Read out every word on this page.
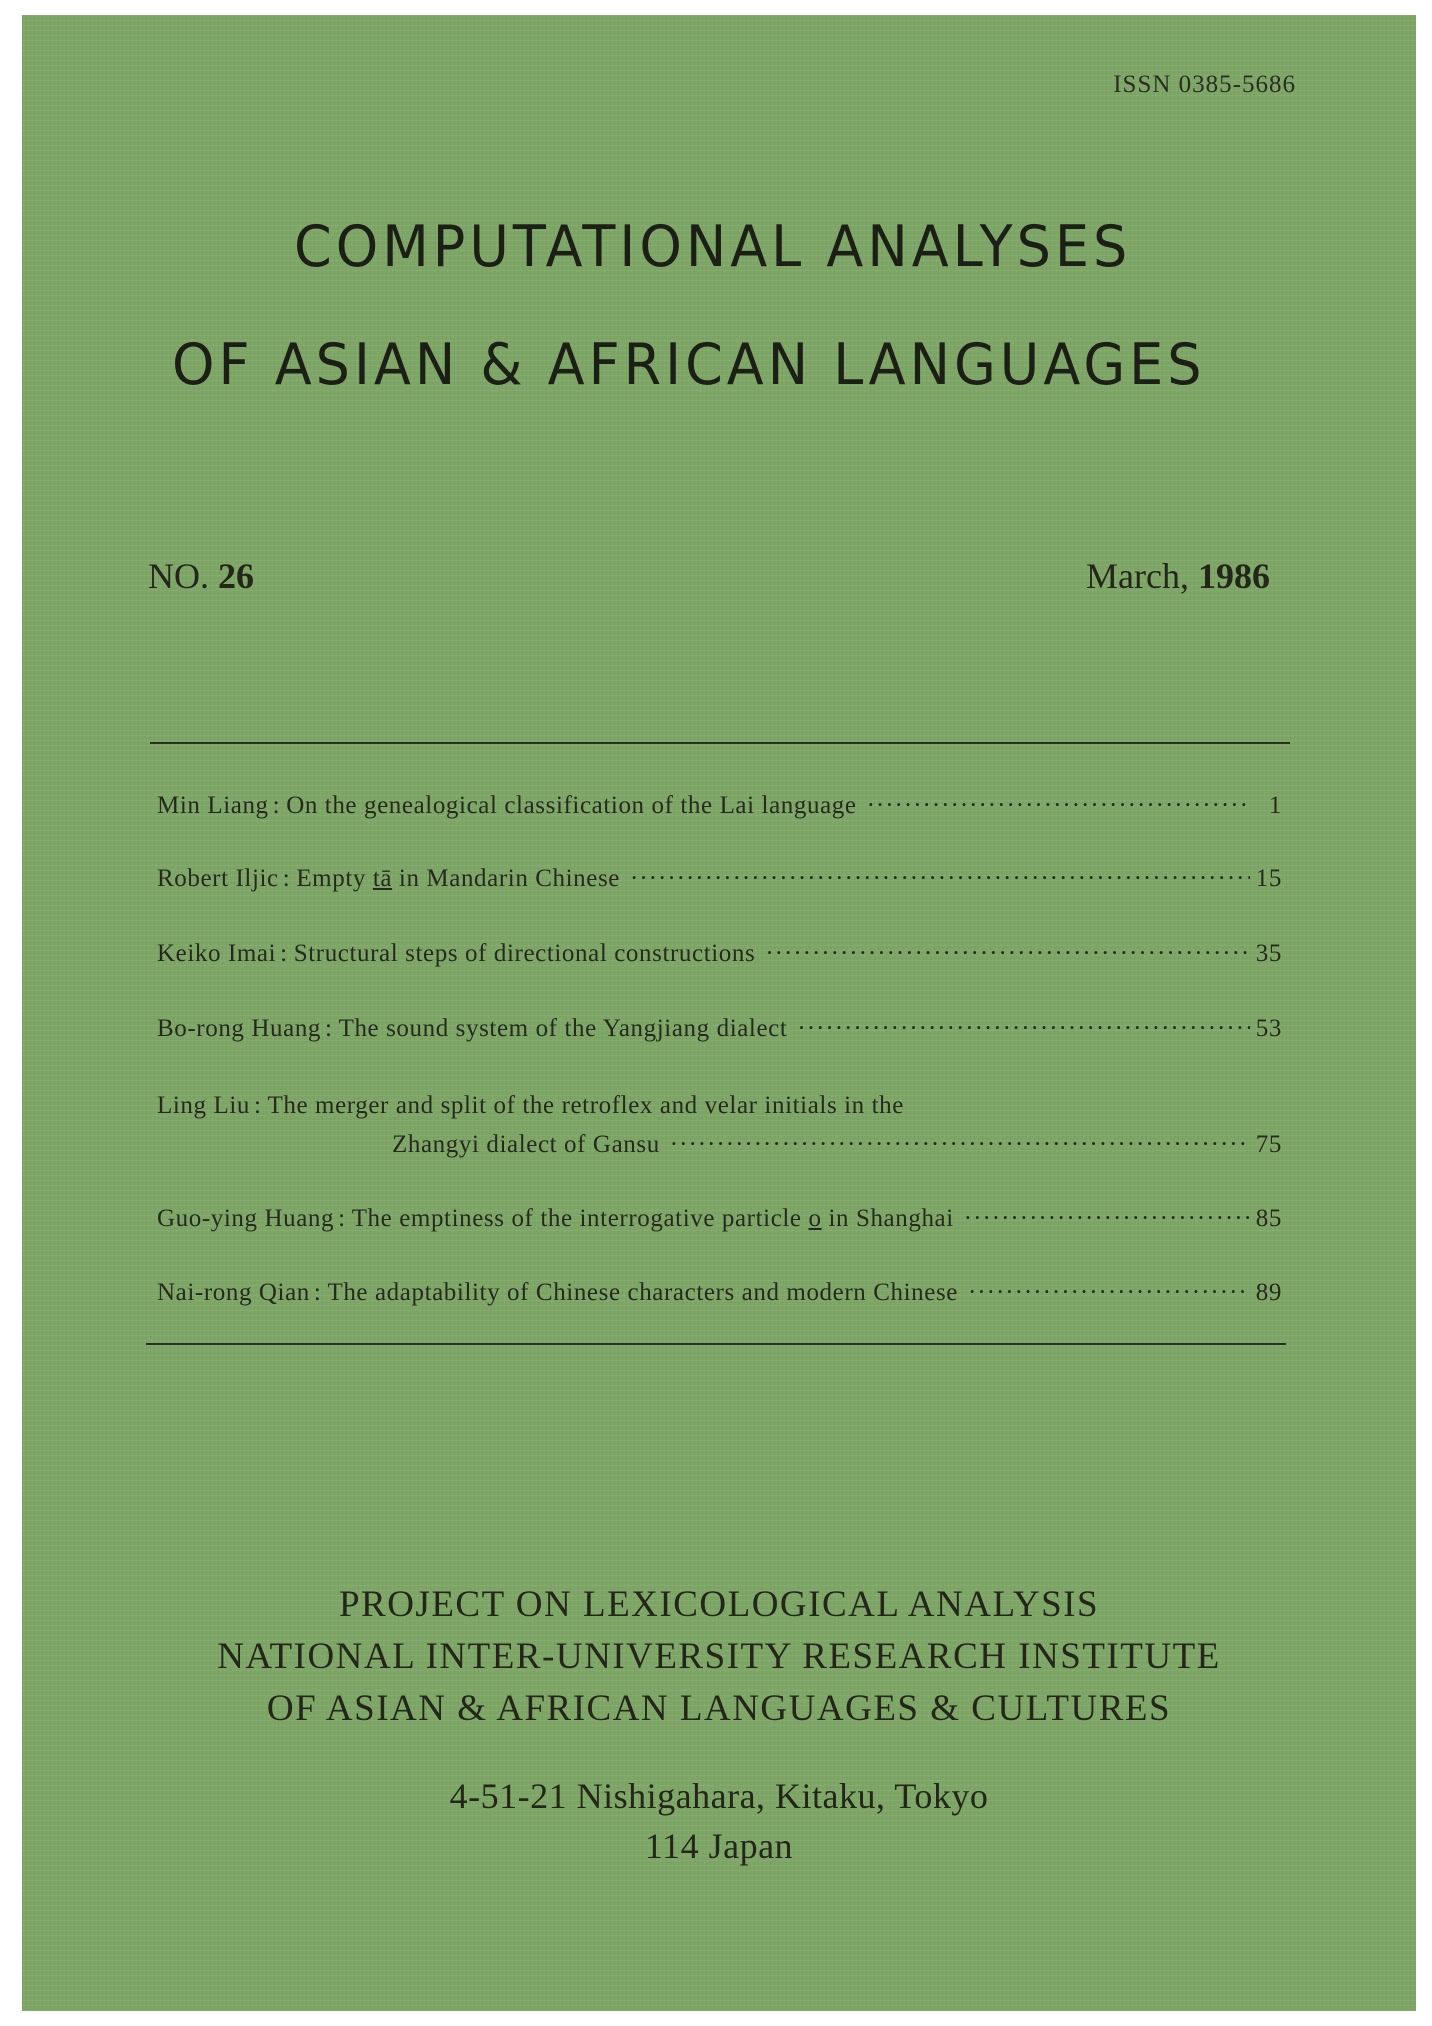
ISSN 0385-5686
COMPUTATIONAL ANALYSES
OF ASIAN & AFRICAN LANGUAGES
NO. 26	March, 1986
Min Liang : On the genealogical classification of the Lai language ·····	1
Robert Iljic : Empty tā in Mandarin Chinese ·····	15
Keiko Imai : Structural steps of directional constructions ·····	35
Bo-rong Huang : The sound system of the Yangjiang dialect ·····	53
Ling Liu : The merger and split of the retroflex and velar initials in the
Zhangyi dialect of Gansu ·····	75
Guo-ying Huang : The emptiness of the interrogative particle o in Shanghai ·····	85
Nai-rong Qian : The adaptability of Chinese characters and modern Chinese ·····	89
PROJECT ON LEXICOLOGICAL ANALYSIS
NATIONAL INTER-UNIVERSITY RESEARCH INSTITUTE
OF ASIAN & AFRICAN LANGUAGES & CULTURES
4-51-21 Nishigahara, Kitaku, Tokyo
114 Japan
